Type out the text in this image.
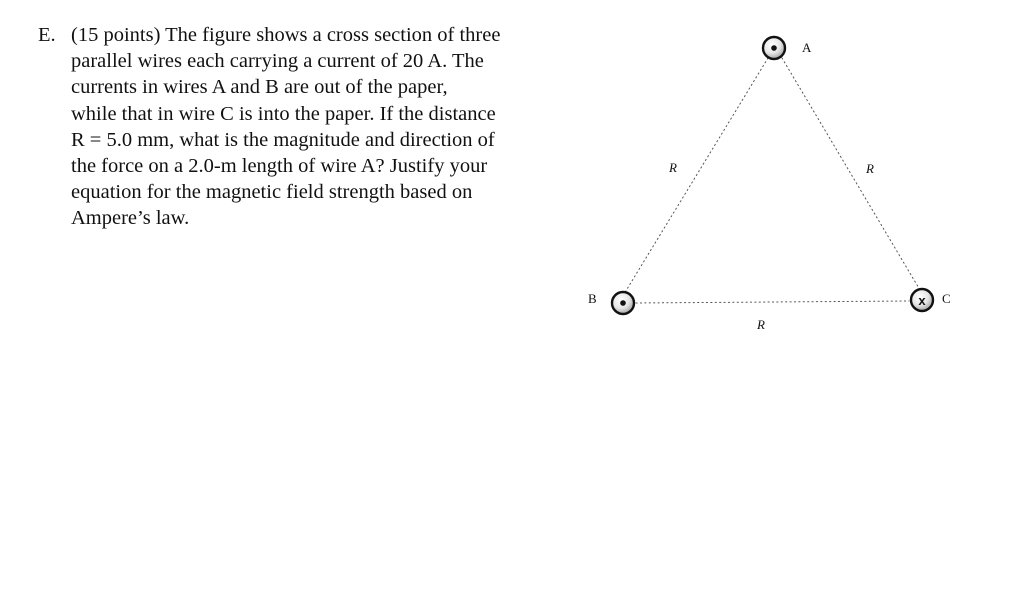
E. (15 points) The figure shows a cross section of three
parallel wires each carrying a current of 20 A. The
currents in wires A and B are out of the paper,
while that in wire C is into the paper. If the distance
R = 5.0 mm, what is the magnitude and direction of
the force on a 2.0-m length of wire A? Justify your
equation for the magnetic field strength based on
Ampere’s law.
A
B	x C
R	R
R
